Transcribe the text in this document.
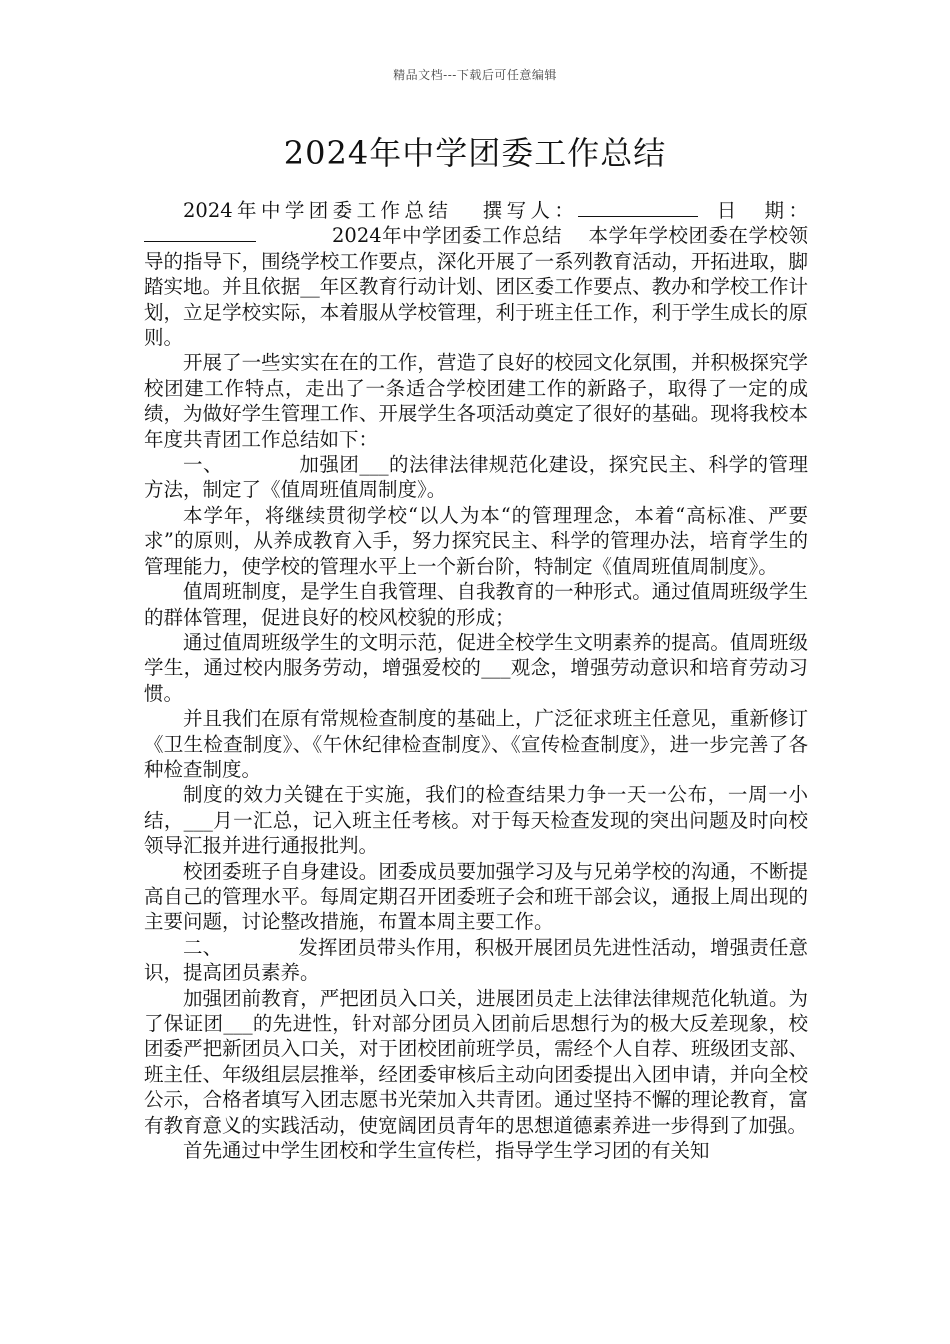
精品文档---下载后可任意编辑
2024年中学团委工作总结

2024年中学团委工作总结 撰写人：	日　期：2024年中学团委工作总结 本学年学校团委在学校领导的指导下，围绕学校工作要点，深化开展了一系列教育活动，开拓进取，脚踏实地。并且依据__年区教育行动计划、团区委工作要点、教办和学校工作计划，立足学校实际，本着服从学校管理，利于班主任工作，利于学生成长的原则。

开展了一些实实在在的工作，营造了良好的校园文化氛围，并积极探究学校团建工作特点，走出了一条适合学校团建工作的新路子，取得了一定的成绩，为做好学生管理工作、开展学生各项活动奠定了很好的基础。现将我校本年度共青团工作总结如下：

一、	加强团___的法律法律规范化建设，探究民主、科学的管理方法，制定了《值周班值周制度》。

本学年，将继续贯彻学校“以人为本“的管理理念，本着“高标准、严要求”的原则，从养成教育入手，努力探究民主、科学的管理办法，培育学生的管理能力，使学校的管理水平上一个新台阶，特制定《值周班值周制度》。

值周班制度，是学生自我管理、自我教育的一种形式。通过值周班级学生的群体管理，促进良好的校风校貌的形成；

通过值周班级学生的文明示范，促进全校学生文明素养的提高。值周班级学生，通过校内服务劳动，增强爱校的___观念，增强劳动意识和培育劳动习惯。

并且我们在原有常规检查制度的基础上，广泛征求班主任意见，重新修订《卫生检查制度》、《午休纪律检查制度》、《宣传检查制度》，进一步完善了各种检查制度。

制度的效力关键在于实施，我们的检查结果力争一天一公布，一周一小结，___月一汇总，记入班主任考核。对于每天检查发现的突出问题及时向校领导汇报并进行通报批判。

校团委班子自身建设。团委成员要加强学习及与兄弟学校的沟通，不断提高自己的管理水平。每周定期召开团委班子会和班干部会议，通报上周出现的主要问题，讨论整改措施，布置本周主要工作。

二、	发挥团员带头作用，积极开展团员先进性活动，增强责任意识，提高团员素养。

加强团前教育，严把团员入口关，进展团员走上法律法律规范化轨道。为了保证团___的先进性，针对部分团员入团前后思想行为的极大反差现象，校团委严把新团员入口关，对于团校团前班学员，需经个人自荐、班级团支部、班主任、年级组层层推举，经团委审核后主动向团委提出入团申请，并向全校公示，合格者填写入团志愿书光荣加入共青团。通过坚持不懈的理论教育，富有教育意义的实践活动，使宽阔团员青年的思想道德素养进一步得到了加强。

首先通过中学生团校和学生宣传栏，指导学生学习团的有关知
